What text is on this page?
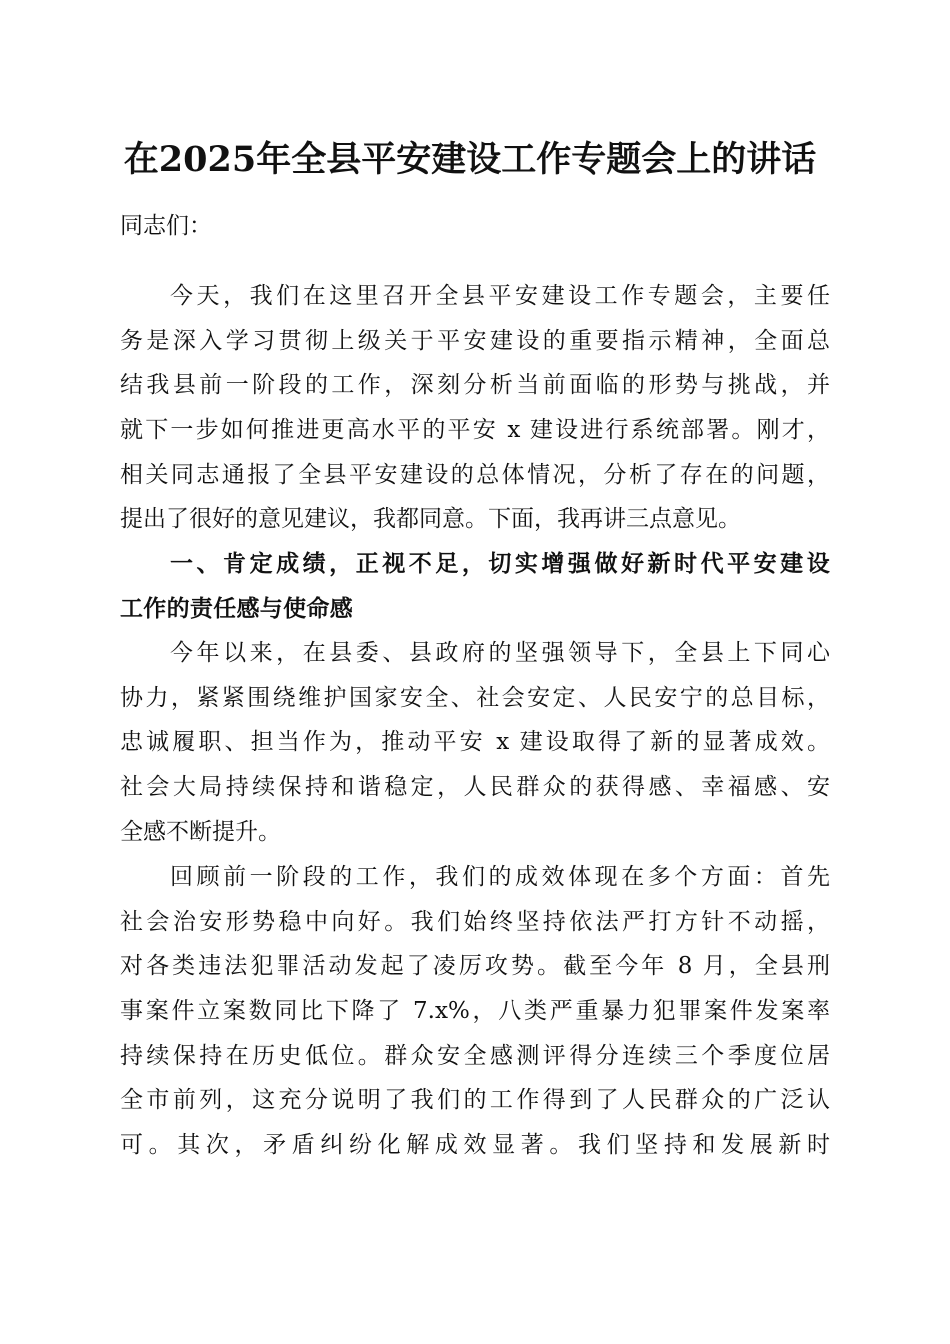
在2025年全县平安建设工作专题会上的讲话
同志们：
今天，我们在这里召开全县平安建设工作专题会，主要任
务是深入学习贯彻上级关于平安建设的重要指示精神，全面总
结我县前一阶段的工作，深刻分析当前面临的形势与挑战，并
就下一步如何推进更高水平的平安 x 建设进行系统部署。刚才，
相关同志通报了全县平安建设的总体情况，分析了存在的问题，
提出了很好的意见建议，我都同意。下面，我再讲三点意见。
一、肯定成绩，正视不足，切实增强做好新时代平安建设
工作的责任感与使命感
今年以来，在县委、县政府的坚强领导下，全县上下同心
协力，紧紧围绕维护国家安全、社会安定、人民安宁的总目标，
忠诚履职、担当作为，推动平安 x 建设取得了新的显著成效。
社会大局持续保持和谐稳定，人民群众的获得感、幸福感、安
全感不断提升。
回顾前一阶段的工作，我们的成效体现在多个方面：首先
社会治安形势稳中向好。我们始终坚持依法严打方针不动摇，
对各类违法犯罪活动发起了凌厉攻势。截至今年 8 月，全县刑
事案件立案数同比下降了 7.x%，八类严重暴力犯罪案件发案率
持续保持在历史低位。群众安全感测评得分连续三个季度位居
全市前列，这充分说明了我们的工作得到了人民群众的广泛认
可。其次，矛盾纠纷化解成效显著。我们坚持和发展新时
